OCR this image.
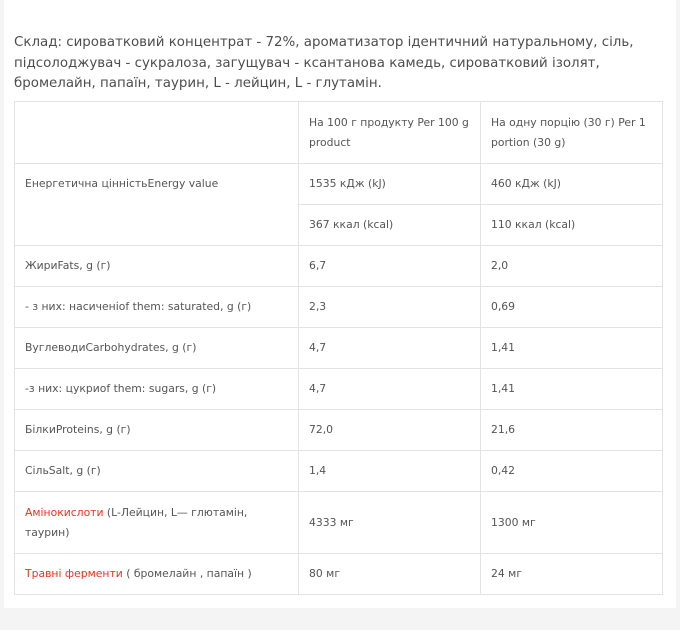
Склад: сироватковий концентрат - 72%, ароматизатор ідентичний натуральному, сіль, підсолоджувач - сукралоза, загущувач - ксантанова камедь, сироватковий ізолят, бромелайн, папаїн, таурин, L - лейцин, L - глутамін.

	На 100 г продукту Per 100 g product	На одну порцію (30 г) Per 1 portion (30 g)
Енергетична цінністьEnergy value	1535 кДж (kJ)	460 кДж (kJ)
	367 ккал (kcal)	110 ккал (kcal)
ЖириFats, g (г)	6,7	2,0
- з них: насиченіof them: saturated, g (г)	2,3	0,69
ВуглеводиCarbohydrates, g (г)	4,7	1,41
-з них: цукриof them: sugars, g (г)	4,7	1,41
БілкиProteins, g (г)	72,0	21,6
СільSalt, g (г)	1,4	0,42
Амінокислоти (L-Лейцин, L— глютамін, таурин)	4333 мг	1300 мг
Травні ферменти ( бромелайн , папаїн )	80 мг	24 мг
